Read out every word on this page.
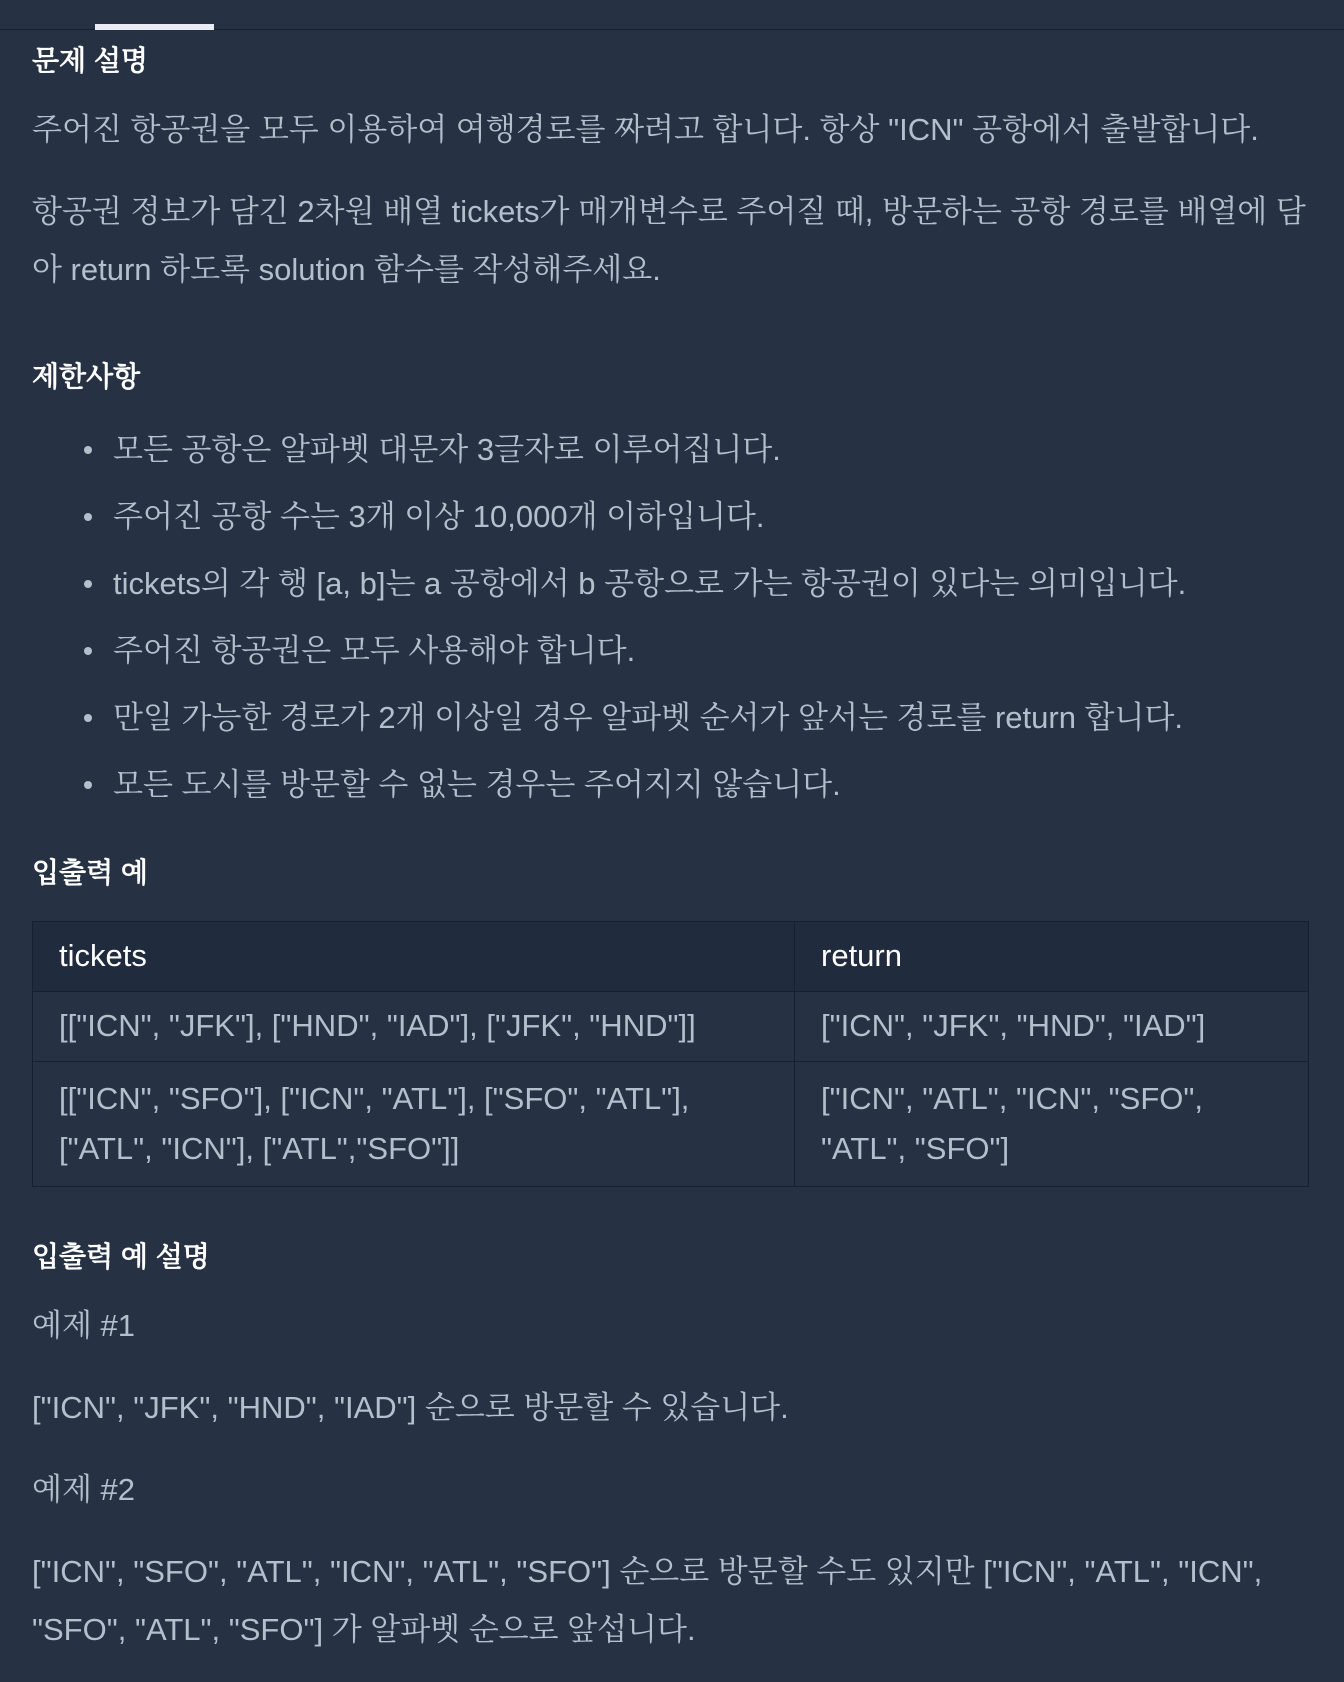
문제 설명

주어진 항공권을 모두 이용하여 여행경로를 짜려고 합니다. 항상 "ICN" 공항에서 출발합니다.

항공권 정보가 담긴 2차원 배열 tickets가 매개변수로 주어질 때, 방문하는 공항 경로를 배열에 담아 return 하도록 solution 함수를 작성해주세요.

제한사항
모든 공항은 알파벳 대문자 3글자로 이루어집니다.
주어진 공항 수는 3개 이상 10,000개 이하입니다.
tickets의 각 행 [a, b]는 a 공항에서 b 공항으로 가는 항공권이 있다는 의미입니다.
주어진 항공권은 모두 사용해야 합니다.
만일 가능한 경로가 2개 이상일 경우 알파벳 순서가 앞서는 경로를 return 합니다.
모든 도시를 방문할 수 없는 경우는 주어지지 않습니다.
입출력 예
tickets	return
[["ICN", "JFK"], ["HND", "IAD"], ["JFK", "HND"]]	["ICN", "JFK", "HND", "IAD"]
[["ICN", "SFO"], ["ICN", "ATL"], ["SFO", "ATL"], ["ATL", "ICN"], ["ATL","SFO"]]	["ICN", "ATL", "ICN", "SFO", "ATL", "SFO"]
입출력 예 설명

예제 #1

["ICN", "JFK", "HND", "IAD"] 순으로 방문할 수 있습니다.

예제 #2

["ICN", "SFO", "ATL", "ICN", "ATL", "SFO"] 순으로 방문할 수도 있지만 ["ICN", "ATL", "ICN", "SFO", "ATL", "SFO"] 가 알파벳 순으로 앞섭니다.
